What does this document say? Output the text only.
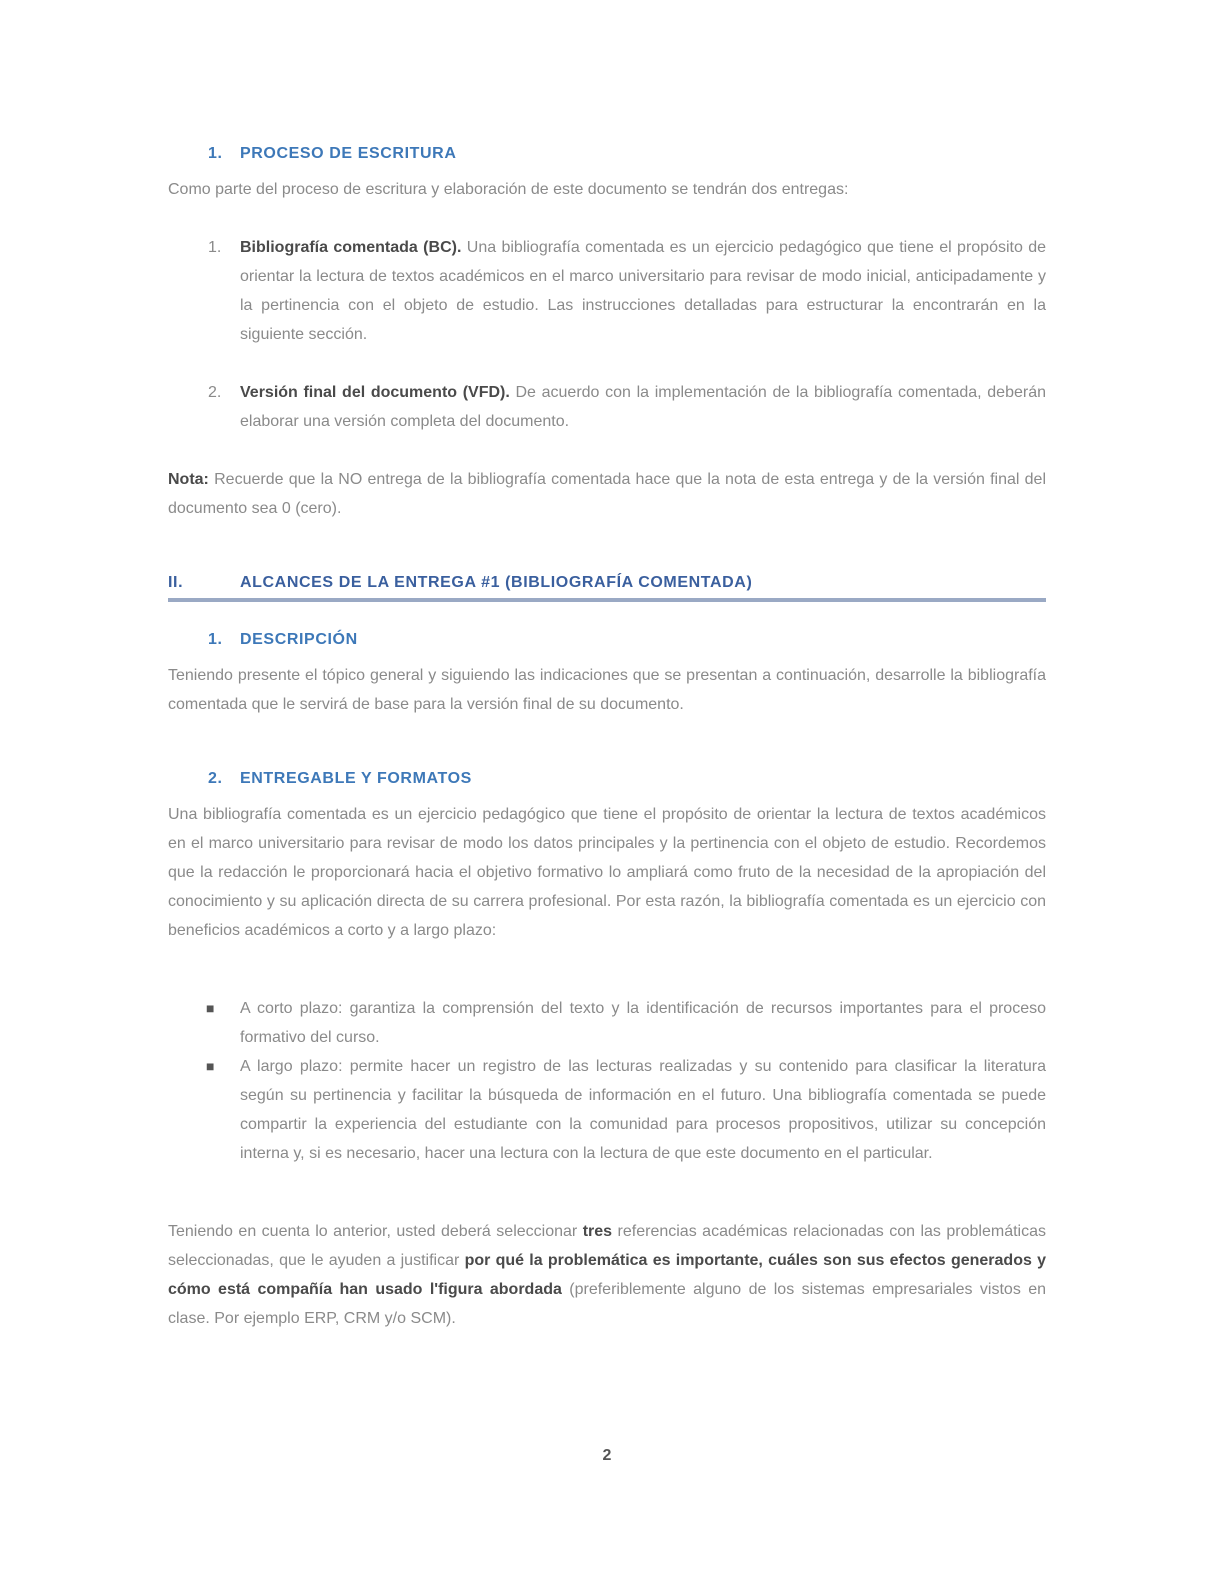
1. PROCESO DE ESCRITURA

Como parte del proceso de escritura y elaboración de este documento se tendrán dos entregas:

1. Bibliografía comentada (BC). Una bibliografía comentada es un ejercicio pedagógico que tiene el propósito de orientar la lectura de textos académicos en el marco universitario para revisar de modo inicial, anticipadamente y la pertinencia con el objeto de estudio. Las instrucciones detalladas para estructurar la encontrarán en la siguiente sección.

2. Versión final del documento (VFD). De acuerdo con la implementación de la bibliografía comentada, deberán elaborar una versión completa del documento.

Nota: Recuerde que la NO entrega de la bibliografía comentada hace que la nota de esta entrega y de la versión final del documento sea 0 (cero).

II.	ALCANCES DE LA ENTREGA #1 (BIBLIOGRAFÍA COMENTADA)
1. DESCRIPCIÓN

Teniendo presente el tópico general y siguiendo las indicaciones que se presentan a continuación, desarrolle la bibliografía comentada que le servirá de base para la versión final de su documento.

2. ENTREGABLE Y FORMATOS

Una bibliografía comentada es un ejercicio pedagógico que tiene el propósito de orientar la lectura de textos académicos en el marco universitario para revisar de modo los datos principales y la pertinencia con el objeto de estudio. Recordemos que la redacción le proporcionará hacia el objetivo formativo lo ampliará como fruto de la necesidad de la apropiación del conocimiento y su aplicación directa de su carrera profesional. Por esta razón, la bibliografía comentada es un ejercicio con beneficios académicos a corto y a largo plazo:

■ A corto plazo: garantiza la comprensión del texto y la identificación de recursos importantes para el proceso formativo del curso.

■ A largo plazo: permite hacer un registro de las lecturas realizadas y su contenido para clasificar la literatura según su pertinencia y facilitar la búsqueda de información en el futuro. Una bibliografía comentada se puede compartir la experiencia del estudiante con la comunidad para procesos propositivos, utilizar su concepción interna y, si es necesario, hacer una lectura con la lectura de que este documento en el particular.

Teniendo en cuenta lo anterior, usted deberá seleccionar tres referencias académicas relacionadas con las problemáticas seleccionadas, que le ayuden a justificar por qué la problemática es importante, cuáles son sus efectos generados y cómo está compañía han usado l'figura abordada (preferiblemente alguno de los sistemas empresariales vistos en clase. Por ejemplo ERP, CRM y/o SCM).

2
